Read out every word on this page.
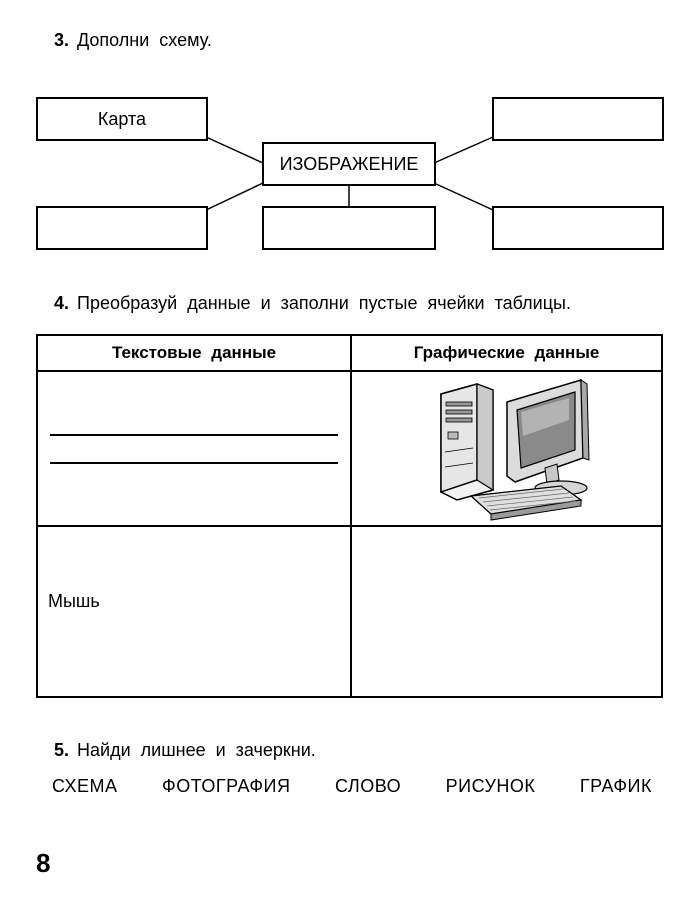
3. Дополни схему.
Карта
ИЗОБРАЖЕНИЕ
4. Преобразуй данные и заполни пустые ячейки таблицы.
Текстовые данные	Графические данные
Мышь
5. Найди лишнее и зачеркни.
СХЕМА ФОТОГРАФИЯ СЛОВО РИСУНОК ГРАФИК
8
